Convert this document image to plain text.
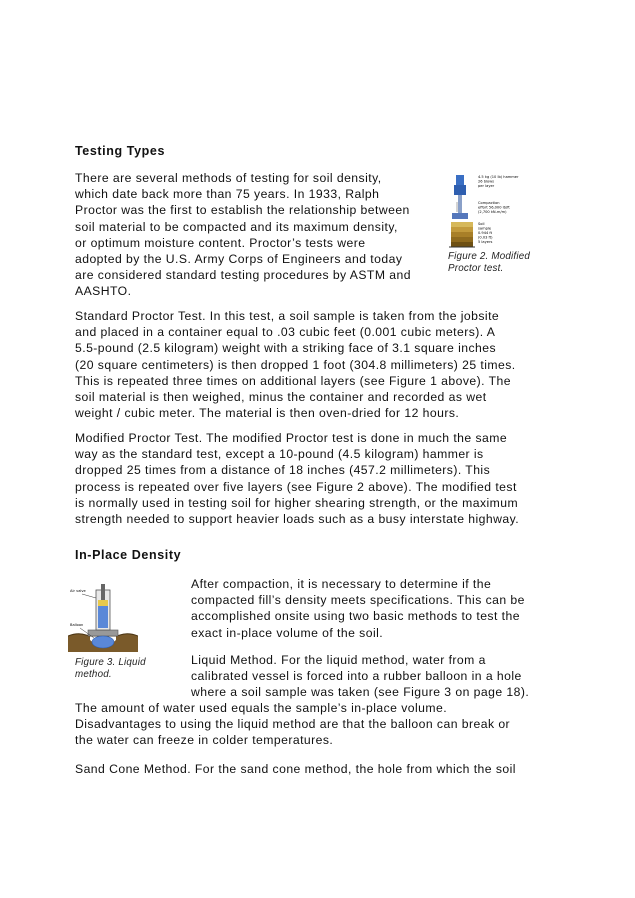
Testing Types

There are several methods of testing for soil density,
which date back more than 75 years. In 1933, Ralph
Proctor was the first to establish the relationship between
soil material to be compacted and its maximum density,
or optimum moisture content. Proctor’s tests were
adopted by the U.S. Army Corps of Engineers and today
are considered standard testing procedures by ASTM and
AASHTO.

4.5 kg (10 lb) hammer
26 blows
per layer
Compaction
effort 56,000 lb/ft
(2,700 kN-m/m)
Soil
sample
0.944 ft
(0.03 ft)
5 layers
Figure 2. Modified
Proctor test.

Standard Proctor Test. In this test, a soil sample is taken from the jobsite
and placed in a container equal to .03 cubic feet (0.001 cubic meters). A
5.5-pound (2.5 kilogram) weight with a striking face of 3.1 square inches
(20 square centimeters) is then dropped 1 foot (304.8 millimeters) 25 times.
This is repeated three times on additional layers (see Figure 1 above). The
soil material is then weighed, minus the container and recorded as wet
weight / cubic meter. The material is then oven-dried for 12 hours.

Modified Proctor Test. The modified Proctor test is done in much the same
way as the standard test, except a 10-pound (4.5 kilogram) hammer is
dropped 25 times from a distance of 18 inches (457.2 millimeters). This
process is repeated over five layers (see Figure 2 above). The modified test
is normally used in testing soil for higher shearing strength, or the maximum
strength needed to support heavier loads such as a busy interstate highway.

In-Place Density
Air valve
Balloon
Figure 3. Liquid
method.

After compaction, it is necessary to determine if the
compacted fill’s density meets specifications. This can be
accomplished onsite using two basic methods to test the
exact in-place volume of the soil.

Liquid Method. For the liquid method, water from a
calibrated vessel is forced into a rubber balloon in a hole
where a soil sample was taken (see Figure 3 on page 18).

The amount of water used equals the sample’s in-place volume.
Disadvantages to using the liquid method are that the balloon can break or
the water can freeze in colder temperatures.

Sand Cone Method. For the sand cone method, the hole from which the soil
